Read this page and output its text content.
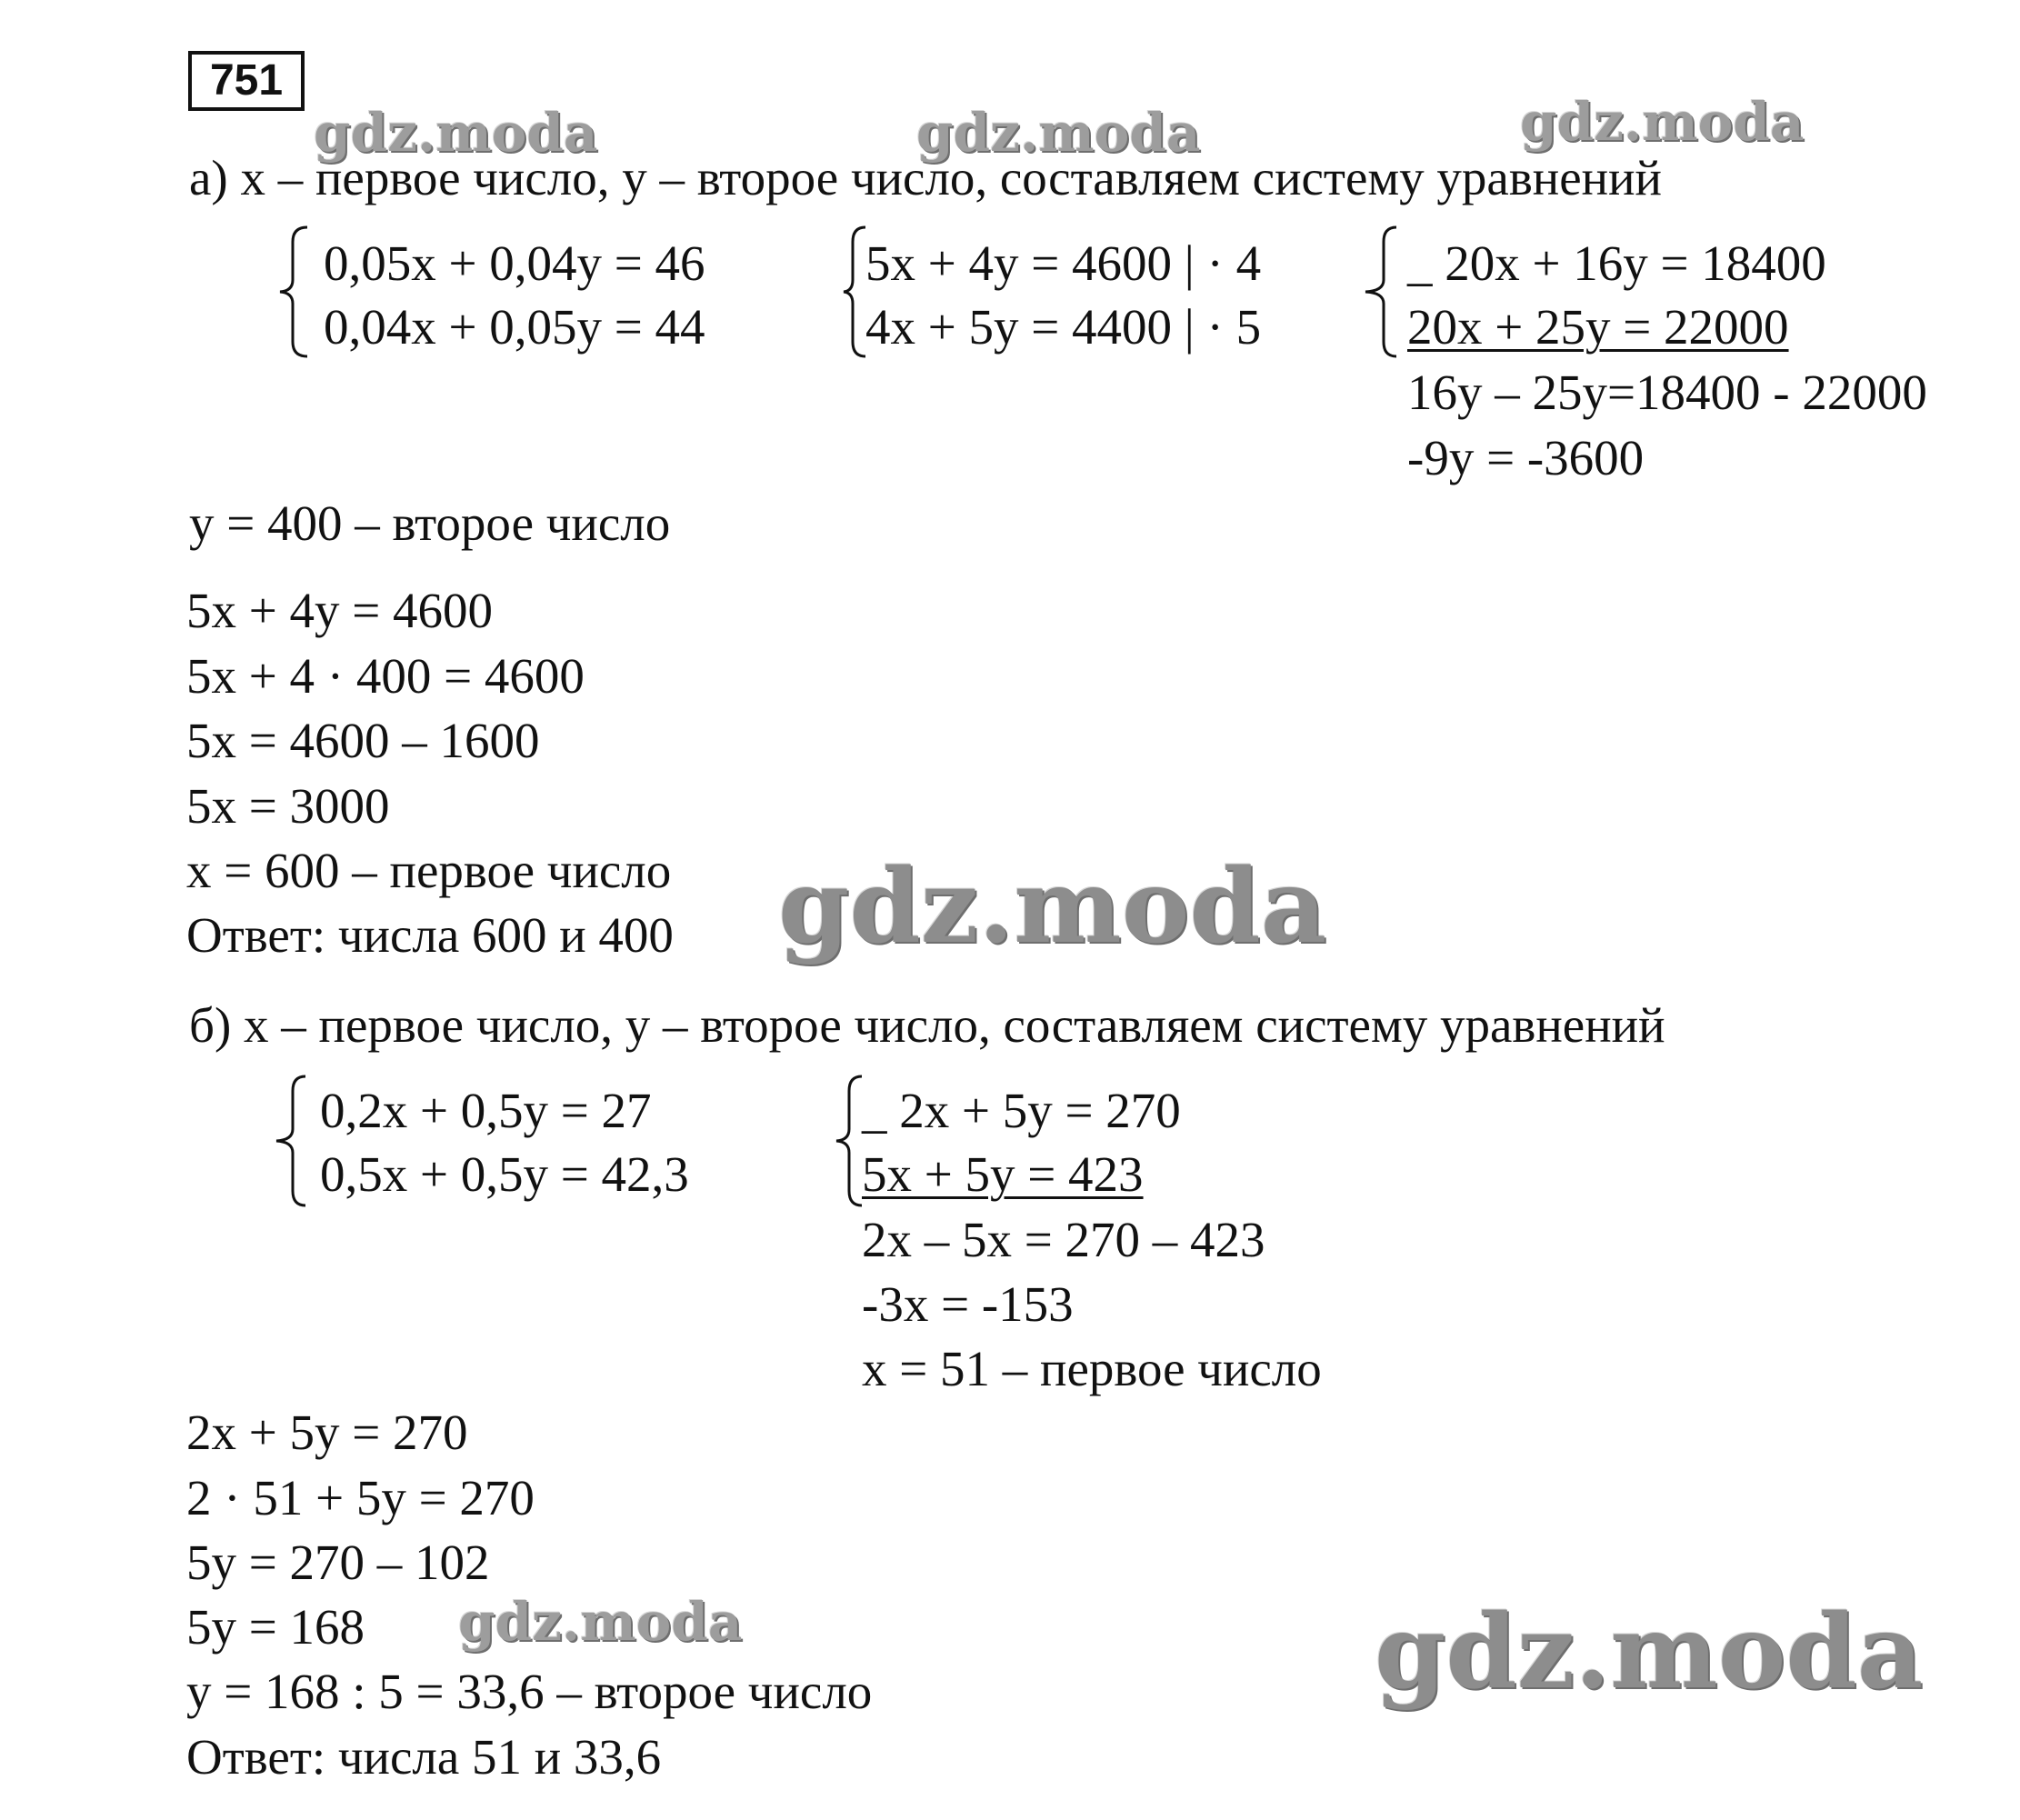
751
а) x – первое число, y – второе число, составляем систему уравнений
0,05x + 0,04y = 46
0,04x + 0,05y = 44
5x + 4y = 4600 | · 4
4x + 5y = 4400 | · 5
_ 20x + 16y = 18400
20x + 25y = 22000
16y – 25y=18400 - 22000
-9y = -3600
y = 400 – второе число
5x + 4y = 4600
5x + 4 · 400 = 4600
5x = 4600 – 1600
5x = 3000
x = 600 – первое число
Ответ: числа 600 и 400
б) x – первое число, y – второе число, составляем систему уравнений
0,2x + 0,5y = 27
0,5x + 0,5y = 42,3
_ 2x + 5y = 270
5x + 5y = 423
2x – 5x = 270 – 423
-3x = -153
x = 51 – первое число
2x + 5y = 270
2 · 51 + 5y = 270
5y = 270 – 102
5y = 168
y = 168 : 5 = 33,6 – второе число
Ответ: числа 51 и 33,6
gdz.moda	gdz.moda	gdz.moda
gdz.moda
gdz.moda	gdz.moda
